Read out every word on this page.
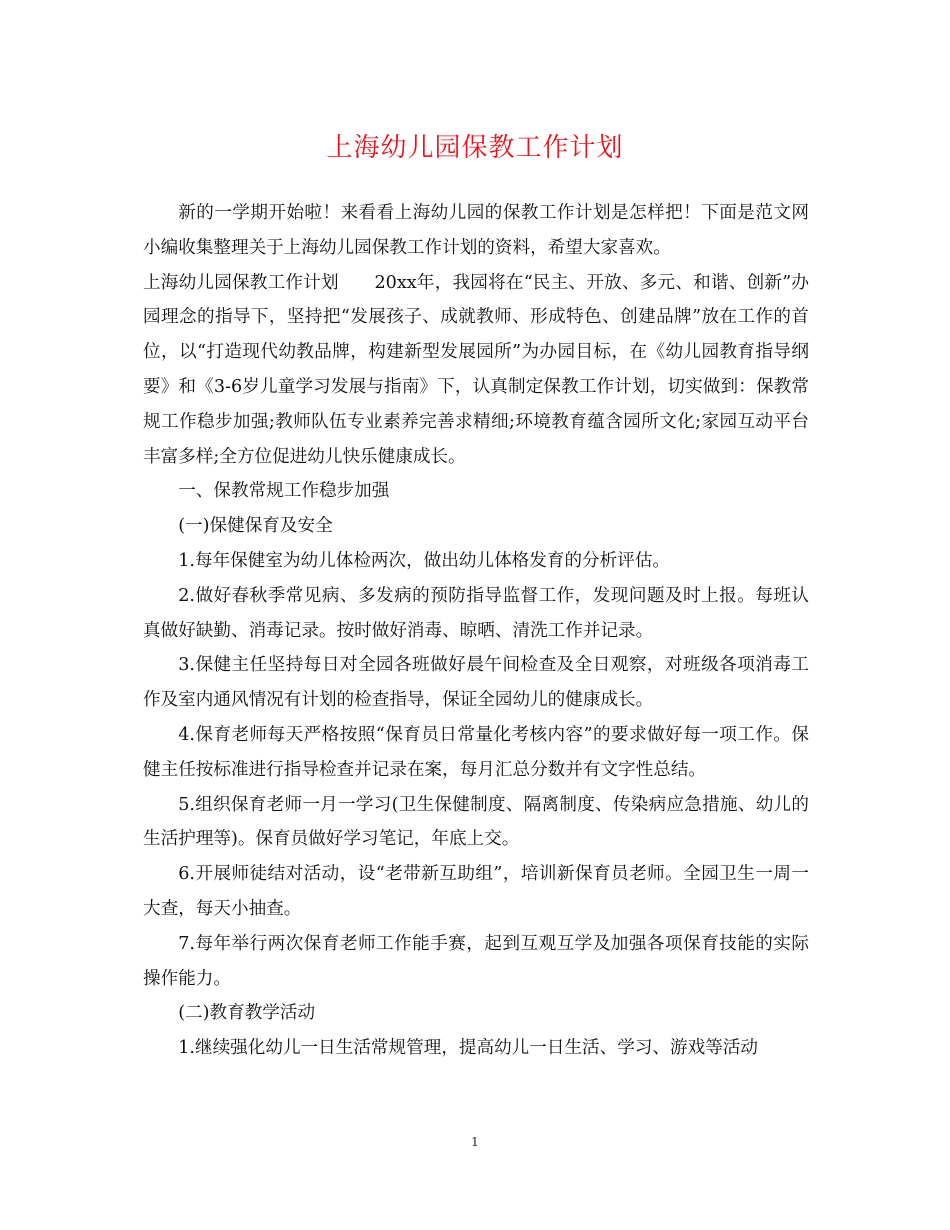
上海幼儿园保教工作计划

新的一学期开始啦！来看看上海幼儿园的保教工作计划是怎样把！下面是范文网小编收集整理关于上海幼儿园保教工作计划的资料，希望大家喜欢。

上海幼儿园保教工作计划　　20xx年，我园将在“民主、开放、多元、和谐、创新”办园理念的指导下，坚持把“发展孩子、成就教师、形成特色、创建品牌”放在工作的首位，以“打造现代幼教品牌，构建新型发展园所”为办园目标，在《幼儿园教育指导纲要》和《3-6岁儿童学习发展与指南》下，认真制定保教工作计划，切实做到：保教常规工作稳步加强;教师队伍专业素养完善求精细;环境教育蕴含园所文化;家园互动平台丰富多样;全方位促进幼儿快乐健康成长。

一、保教常规工作稳步加强

(一)保健保育及安全

1.每年保健室为幼儿体检两次，做出幼儿体格发育的分析评估。

2.做好春秋季常见病、多发病的预防指导监督工作，发现问题及时上报。每班认真做好缺勤、消毒记录。按时做好消毒、晾晒、清洗工作并记录。

3.保健主任坚持每日对全园各班做好晨午间检查及全日观察，对班级各项消毒工作及室内通风情况有计划的检查指导，保证全园幼儿的健康成长。

4.保育老师每天严格按照“保育员日常量化考核内容”的要求做好每一项工作。保健主任按标准进行指导检查并记录在案，每月汇总分数并有文字性总结。

5.组织保育老师一月一学习(卫生保健制度、隔离制度、传染病应急措施、幼儿的生活护理等)。保育员做好学习笔记，年底上交。

6.开展师徒结对活动，设“老带新互助组”，培训新保育员老师。全园卫生一周一大查，每天小抽查。

7.每年举行两次保育老师工作能手赛，起到互观互学及加强各项保育技能的实际操作能力。

(二)教育教学活动

1.继续强化幼儿一日生活常规管理，提高幼儿一日生活、学习、游戏等活动

1
